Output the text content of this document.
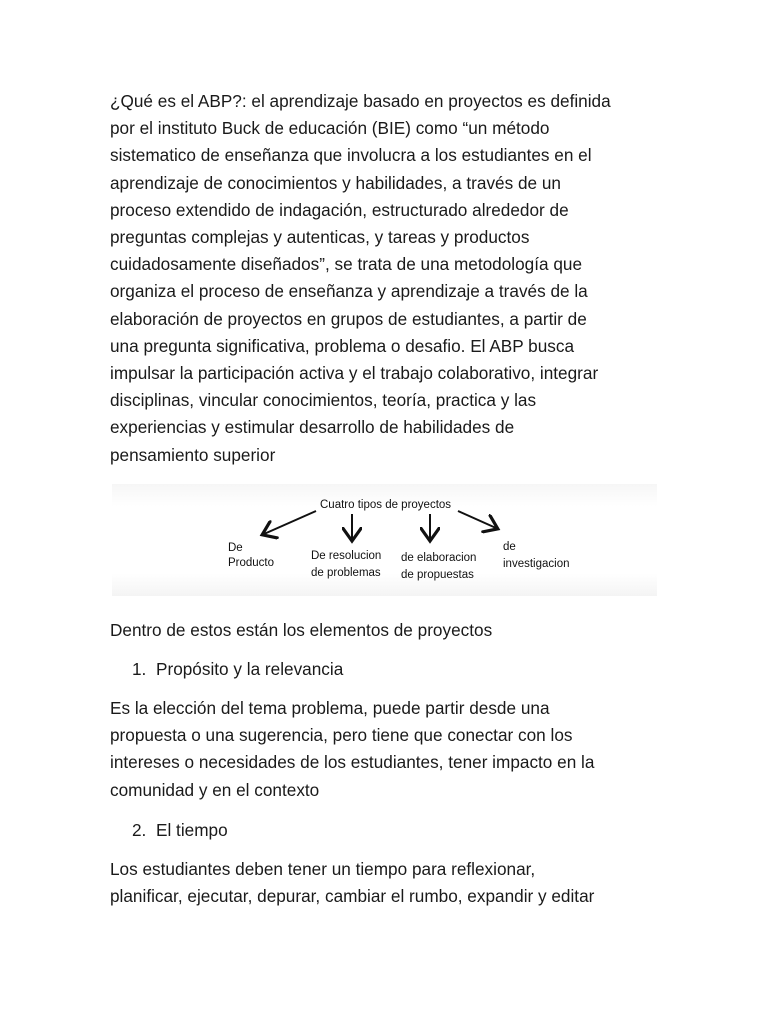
¿Qué es el ABP?: el aprendizaje basado en proyectos es definida
por el instituto Buck de educación (BIE) como “un método
sistematico de enseñanza que involucra a los estudiantes en el
aprendizaje de conocimientos y habilidades, a través de un
proceso extendido de indagación, estructurado alrededor de
preguntas complejas y autenticas, y tareas y productos
cuidadosamente diseñados”, se trata de una metodología que
organiza el proceso de enseñanza y aprendizaje a través de la
elaboración de proyectos en grupos de estudiantes, a partir de
una pregunta significativa, problema o desafio. El ABP busca
impulsar la participación activa y el trabajo colaborativo, integrar
disciplinas, vincular conocimientos, teoría, practica y las
experiencias y estimular desarrollo de habilidades de
pensamiento superior
Cuatro tipos de proyectos
De
Producto
De resolucion
de problemas
de elaboracion
de propuestas
de
investigacion
Dentro de estos están los elementos de proyectos
1. Propósito y la relevancia
Es la elección del tema problema, puede partir desde una
propuesta o una sugerencia, pero tiene que conectar con los
intereses o necesidades de los estudiantes, tener impacto en la
comunidad y en el contexto
2. El tiempo
Los estudiantes deben tener un tiempo para reflexionar,
planificar, ejecutar, depurar, cambiar el rumbo, expandir y editar
